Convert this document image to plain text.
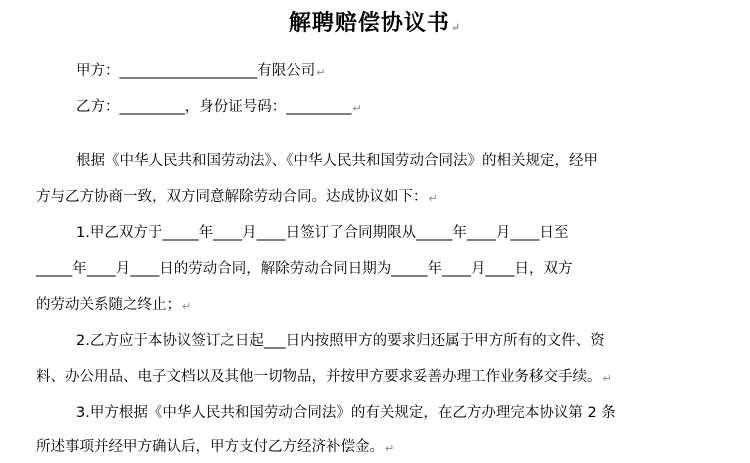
解聘赔偿协议书↵
甲方：___________________有限公司↵
乙方：_________，身份证号码：_________↵
根据《中华人民共和国劳动法》、《中华人民共和国劳动合同法》的相关规定，经甲
方与乙方协商一致，双方同意解除劳动合同。达成协议如下：↵
1.甲乙双方于_____年____月____日签订了合同期限从_____年____月____日至
_____年____月____日的劳动合同，解除劳动合同日期为_____年____月____日，双方
的劳动关系随之终止；↵
2.乙方应于本协议签订之日起___日内按照甲方的要求归还属于甲方所有的文件、资
料、办公用品、电子文档以及其他一切物品，并按甲方要求妥善办理工作业务移交手续。↵
3.甲方根据《中华人民共和国劳动合同法》的有关规定，在乙方办理完本协议第 2 条
所述事项并经甲方确认后，甲方支付乙方经济补偿金。↵
